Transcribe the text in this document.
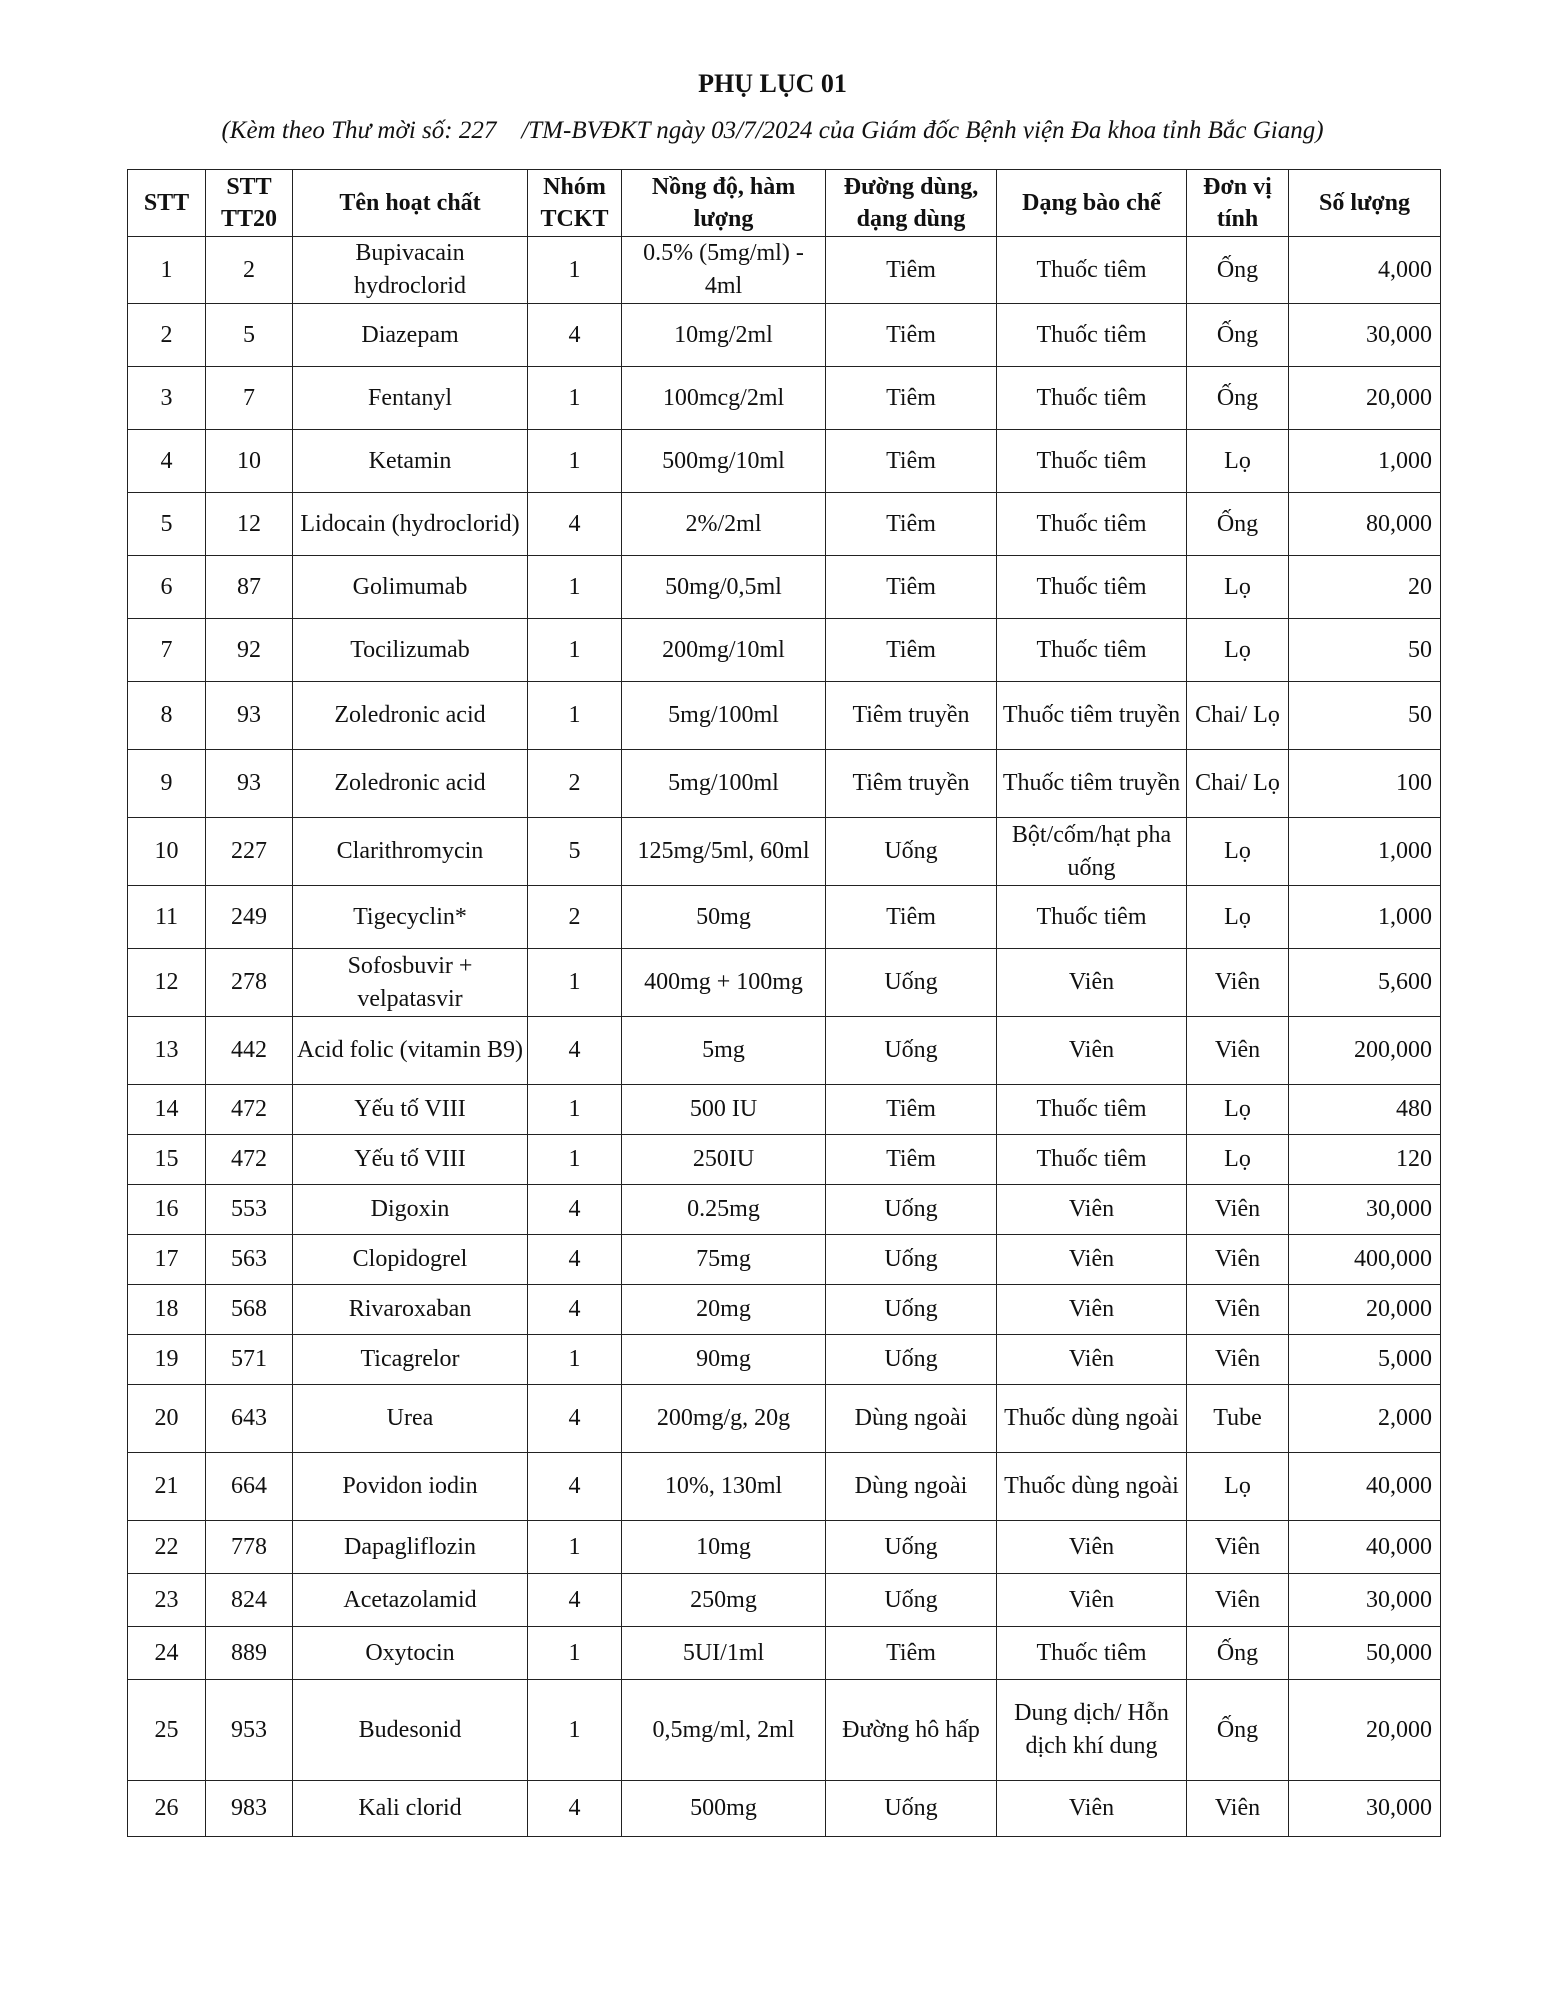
PHỤ LỤC 01
(Kèm theo Thư mời số: 227    /TM-BVĐKT ngày 03/7/2024 của Giám đốc Bệnh viện Đa khoa tỉnh Bắc Giang)
STT	STT TT20	Tên hoạt chất	Nhóm TCKT	Nồng độ, hàm lượng	Đường dùng, dạng dùng	Dạng bào chế	Đơn vị tính	Số lượng
1	2	Bupivacain hydroclorid	1	0.5% (5mg/ml) - 4ml	Tiêm	Thuốc tiêm	Ống	4,000
2	5	Diazepam	4	10mg/2ml	Tiêm	Thuốc tiêm	Ống	30,000
3	7	Fentanyl	1	100mcg/2ml	Tiêm	Thuốc tiêm	Ống	20,000
4	10	Ketamin	1	500mg/10ml	Tiêm	Thuốc tiêm	Lọ	1,000
5	12	Lidocain (hydroclorid)	4	2%/2ml	Tiêm	Thuốc tiêm	Ống	80,000
6	87	Golimumab	1	50mg/0,5ml	Tiêm	Thuốc tiêm	Lọ	20
7	92	Tocilizumab	1	200mg/10ml	Tiêm	Thuốc tiêm	Lọ	50
8	93	Zoledronic acid	1	5mg/100ml	Tiêm truyền	Thuốc tiêm truyền	Chai/ Lọ	50
9	93	Zoledronic acid	2	5mg/100ml	Tiêm truyền	Thuốc tiêm truyền	Chai/ Lọ	100
10	227	Clarithromycin	5	125mg/5ml, 60ml	Uống	Bột/cốm/hạt pha uống	Lọ	1,000
11	249	Tigecyclin*	2	50mg	Tiêm	Thuốc tiêm	Lọ	1,000
12	278	Sofosbuvir + velpatasvir	1	400mg + 100mg	Uống	Viên	Viên	5,600
13	442	Acid folic (vitamin B9)	4	5mg	Uống	Viên	Viên	200,000
14	472	Yếu tố VIII	1	500 IU	Tiêm	Thuốc tiêm	Lọ	480
15	472	Yếu tố VIII	1	250IU	Tiêm	Thuốc tiêm	Lọ	120
16	553	Digoxin	4	0.25mg	Uống	Viên	Viên	30,000
17	563	Clopidogrel	4	75mg	Uống	Viên	Viên	400,000
18	568	Rivaroxaban	4	20mg	Uống	Viên	Viên	20,000
19	571	Ticagrelor	1	90mg	Uống	Viên	Viên	5,000
20	643	Urea	4	200mg/g, 20g	Dùng ngoài	Thuốc dùng ngoài	Tube	2,000
21	664	Povidon iodin	4	10%, 130ml	Dùng ngoài	Thuốc dùng ngoài	Lọ	40,000
22	778	Dapagliflozin	1	10mg	Uống	Viên	Viên	40,000
23	824	Acetazolamid	4	250mg	Uống	Viên	Viên	30,000
24	889	Oxytocin	1	5UI/1ml	Tiêm	Thuốc tiêm	Ống	50,000
25	953	Budesonid	1	0,5mg/ml, 2ml	Đường hô hấp	Dung dịch/ Hỗn dịch khí dung	Ống	20,000
26	983	Kali clorid	4	500mg	Uống	Viên	Viên	30,000
